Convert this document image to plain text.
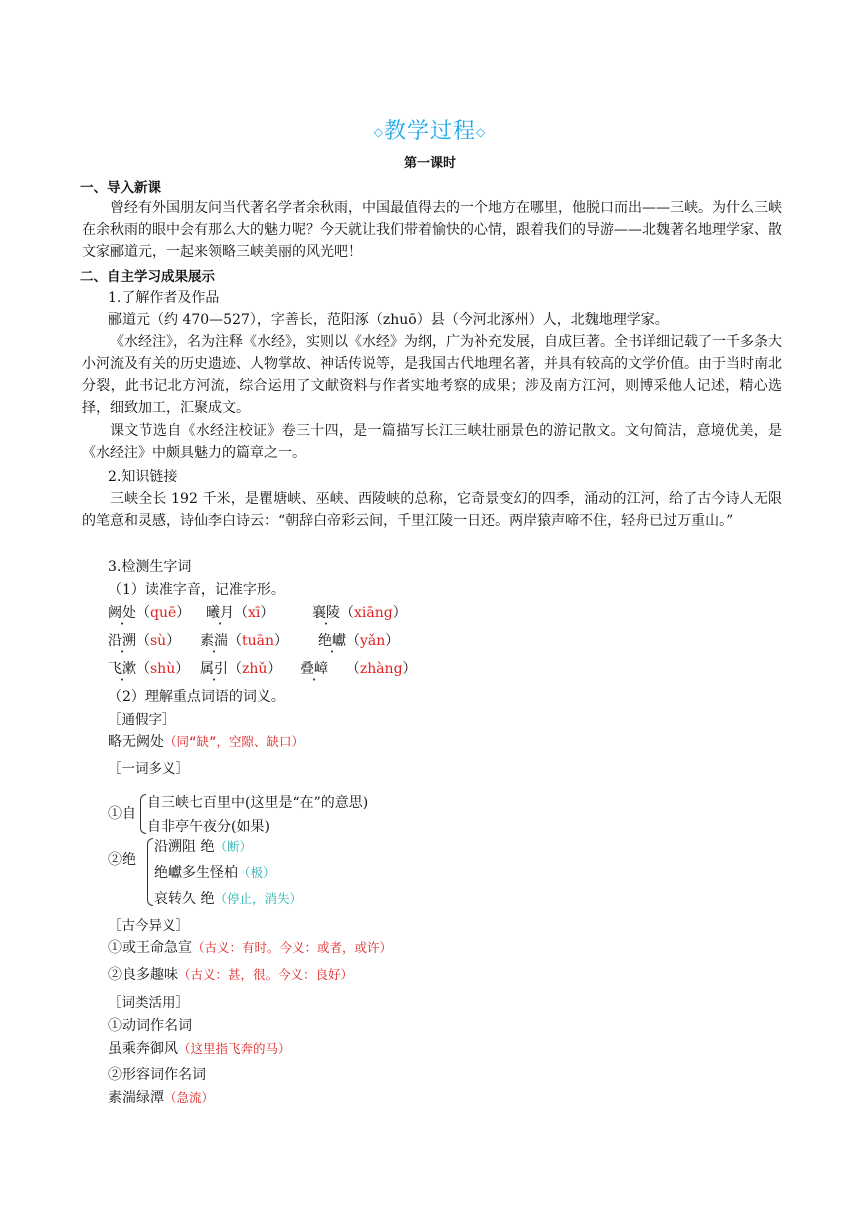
◇教学过程◇
第一课时
一、导入新课
曾经有外国朋友问当代著名学者余秋雨，中国最值得去的一个地方在哪里，他脱口而出——三峡。为什么三峡在余秋雨的眼中会有那么大的魅力呢？今天就让我们带着愉快的心情，跟着我们的导游——北魏著名地理学家、散文家郦道元，一起来领略三峡美丽的风光吧！
二、自主学习成果展示
1.了解作者及作品
郦道元（约 470—527），字善长，范阳涿（zhuō）县（今河北涿州）人，北魏地理学家。
《水经注》，名为注释《水经》，实则以《水经》为纲，广为补充发展，自成巨著。全书详细记载了一千多条大小河流及有关的历史遗迹、人物掌故、神话传说等，是我国古代地理名著，并具有较高的文学价值。由于当时南北分裂，此书记北方河流，综合运用了文献资料与作者实地考察的成果；涉及南方江河，则博采他人记述，精心选择，细致加工，汇聚成文。
课文节选自《水经注校证》卷三十四，是一篇描写长江三峡壮丽景色的游记散文。文句简洁，意境优美，是《水经注》中颇具魅力的篇章之一。
2.知识链接
三峡全长 192 千米，是瞿塘峡、巫峡、西陵峡的总称，它奇景变幻的四季，涌动的江河，给了古今诗人无限的笔意和灵感，诗仙李白诗云：“朝辞白帝彩云间，千里江陵一日还。两岸猿声啼不住，轻舟已过万重山。”
3.检测生字词
（1）读准字音，记准字形。
阙处（quē） 曦月（xī）	襄陵（xiāng）
沿溯（sù） 素湍（tuān） 绝巘（yǎn）
飞漱（shù） 属引（zhǔ） 叠嶂    （zhàng）
（2）理解重点词语的词义。
［通假字］
略无阙处（同“缺”，空隙、缺口）
［一词多义］
①自
自三峡七百里中(这里是“在”的意思)
自非亭午夜分(如果)
②绝
沿溯阻 绝（断）
绝巘多生怪柏（极）
哀转久 绝（停止，消失）
［古今异义］
①或王命急宣（古义：有时。今义：或者，或许）
②良多趣味（古义：甚，很。今义：良好）
［词类活用］
①动词作名词
虽乘奔御风（这里指飞奔的马）
②形容词作名词
素湍绿潭（急流）
